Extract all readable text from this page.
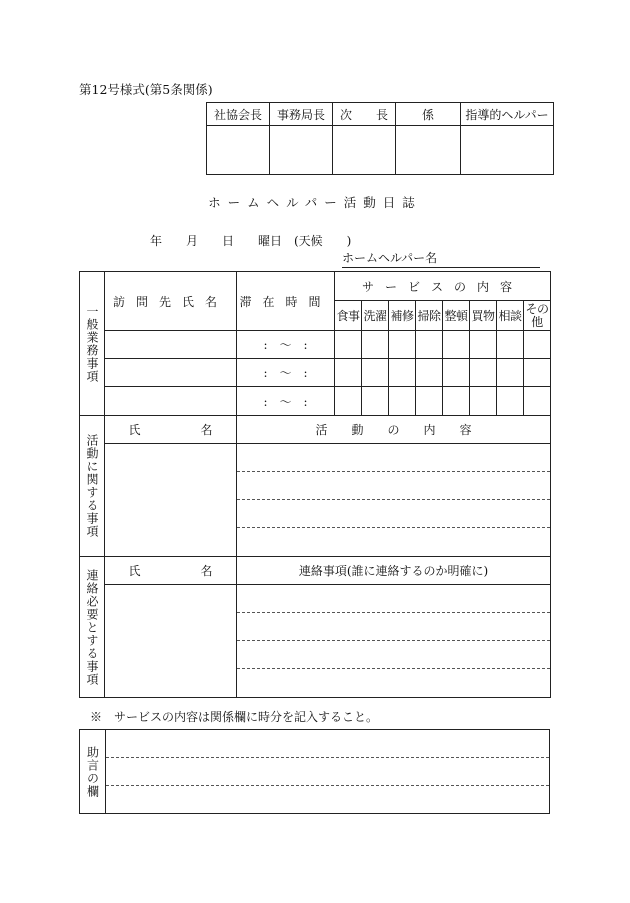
第12号様式(第5条関係)
社協会長	事務局長	次　　長	係	指導的ヘルパー

ホームヘルパー活動日誌
年　　月　　日　　曜日　(天候　　)
ホームヘルパー名
一般業務事項	訪問先氏名	滞在時間	サービスの内容							
			食事	洗濯	補修	掃除	整頓	買物	相談	その他
		:　〜　:								
		:　〜　:								
		:　〜　:								

活動に関する事項	氏　　　　　名	活　　動　　の　　内　　容								

連絡必要とする事項	氏　　　　　名	連絡事項(誰に連絡するのか明確に)								

※　サービスの内容は関係欄に時分を記入すること。
助言の欄
